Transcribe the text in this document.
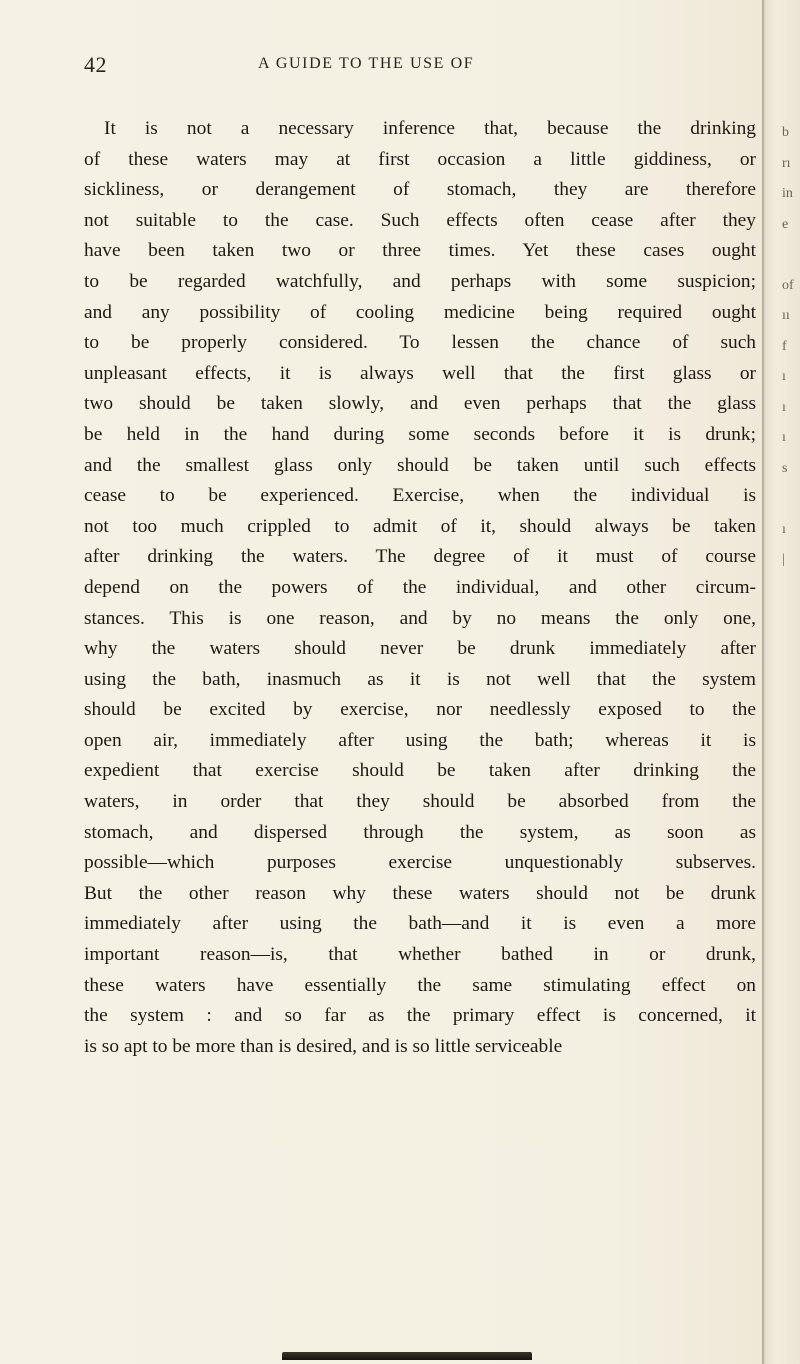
42	A GUIDE TO THE USE OF
It is not a necessary inference that, because the drinking
of these waters may at first occasion a little giddiness, or
sickliness, or derangement of stomach, they are therefore
not suitable to the case. Such effects often cease after they
have been taken two or three times. Yet these cases ought
to be regarded watchfully, and perhaps with some suspicion;
and any possibility of cooling medicine being required ought
to be properly considered. To lessen the chance of such
unpleasant effects, it is always well that the first glass or
two should be taken slowly, and even perhaps that the glass
be held in the hand during some seconds before it is drunk;
and the smallest glass only should be taken until such effects
cease to be experienced. Exercise, when the individual is
not too much crippled to admit of it, should always be taken
after drinking the waters. The degree of it must of course
depend on the powers of the individual, and other circum-
stances. This is one reason, and by no means the only one,
why the waters should never be drunk immediately after
using the bath, inasmuch as it is not well that the system
should be excited by exercise, nor needlessly exposed to the
open air, immediately after using the bath; whereas it is
expedient that exercise should be taken after drinking the
waters, in order that they should be absorbed from the
stomach, and dispersed through the system, as soon as
possible—which purposes exercise unquestionably subserves.
But the other reason why these waters should not be drunk
immediately after using the bath—and it is even a more
important reason—is, that whether bathed in or drunk,
these waters have essentially the same stimulating effect on
the system : and so far as the primary effect is concerned, it
is so apt to be more than is desired, and is so little serviceable
b
rı
in
e
of
ıı
f
ı
ı
ı
s
ı
|
